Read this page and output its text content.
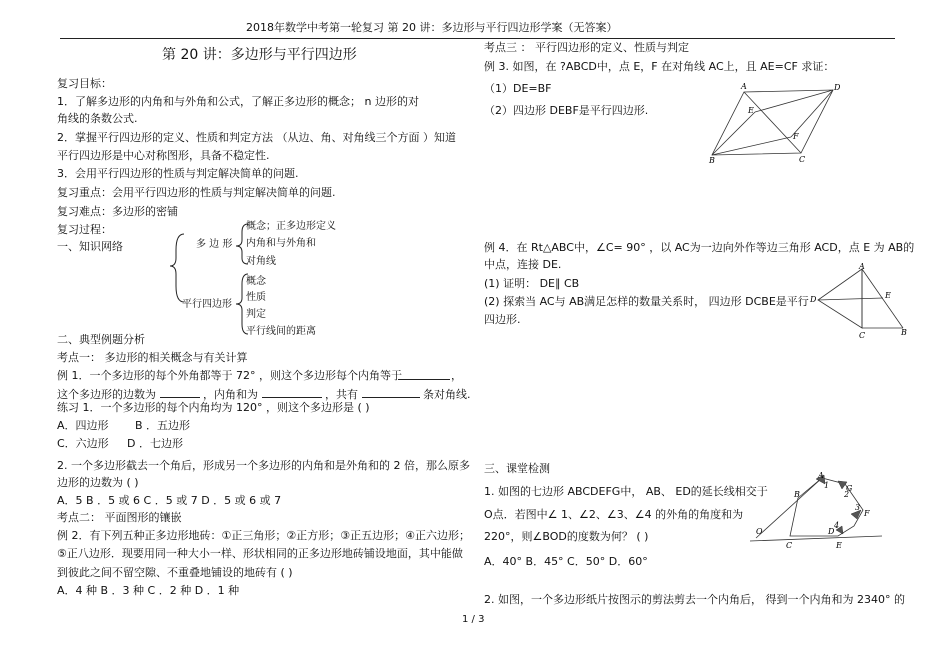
2018年数学中考第一轮复习 第 20 讲：多边形与平行四边形学案（无答案）
第 20 讲：多边形与平行四边形
复习目标：
1．了解多边形的内角和与外角和公式，了解正多边形的概念； n 边形的对
角线的条数公式.
2．掌握平行四边形的定义、性质和判定方法 （从边、角、对角线三个方面 ）知道
平行四边形是中心对称图形，具备不稳定性.
3．会用平行四边形的性质与判定解决简单的问题.
复习重点：会用平行四边形的性质与判定解决简单的问题.
复习难点：多边形的密铺
复习过程：
一、知识网络	多 边 形
平行四边形
概念；正多边形定义
内角和与外角和
对角线
概念
性质
判定
平行线间的距离
二、典型例题分析
考点一： 多边形的相关概念与有关计算
例 1．一个多边形的每个外角都等于 72° ，则这个多边形每个内角等于	，
这个多边形的边数为	，内角和为	，共有	条对角线.
练习 1．一个多边形的每个内角均为 120° ，则这个多边形是 ( )
A．四边形 B ．五边形
C．六边形 D ．七边形
2. 一个多边形截去一个角后，形成另一个多边形的内角和是外角和的 2 倍，那么原多
边形的边数为 ( )
A．5 B ．5 或 6 C ．5 或 7 D ．5 或 6 或 7
考点二： 平面图形的镶嵌
例 2．有下列五种正多边形地砖：①正三角形；②正方形；③正五边形；④正六边形；
⑤正八边形．现要用同一种大小一样、形状相同的正多边形地砖铺设地面，其中能做
到彼此之间不留空隙、不重叠地铺设的地砖有 ( )
A．4 种 B ．3 种 C ．2 种 D ．1 种
考点三 ： 平行四边形的定义、性质与判定
例 3. 如图，在 ?ABCD中，点 E，F 在对角线 AC上，且 AE=CF 求证：
（1）DE=BF
（2）四边形 DEBF是平行四边形.
A	D
E
F
B	C
例 4．在 Rt△ABC中，∠C= 90° ，以 AC为一边向外作等边三角形 ACD，点 E 为 AB的
中点，连接 DE.
(1) 证明： DE∥ CB
(2) 探索当 AC与 AB满足怎样的数量关系时， 四边形 DCBE是平行
四边形.
A
D	E
C	B
三、课堂检测
1. 如图的七边形 ABCDEFG中， AB、 ED的延长线相交于
O点．若图中∠ 1、∠2、∠3、∠4 的外角的角度和为
220°，则∠BOD的度数为何？ ( )
A．40° B．45° C．50° D．60°
A
G
B
F
O
C
D
E
1
2
3
4
2. 如图，一个多边形纸片按图示的剪法剪去一个内角后， 得到一个内角和为 2340° 的
1 / 3
